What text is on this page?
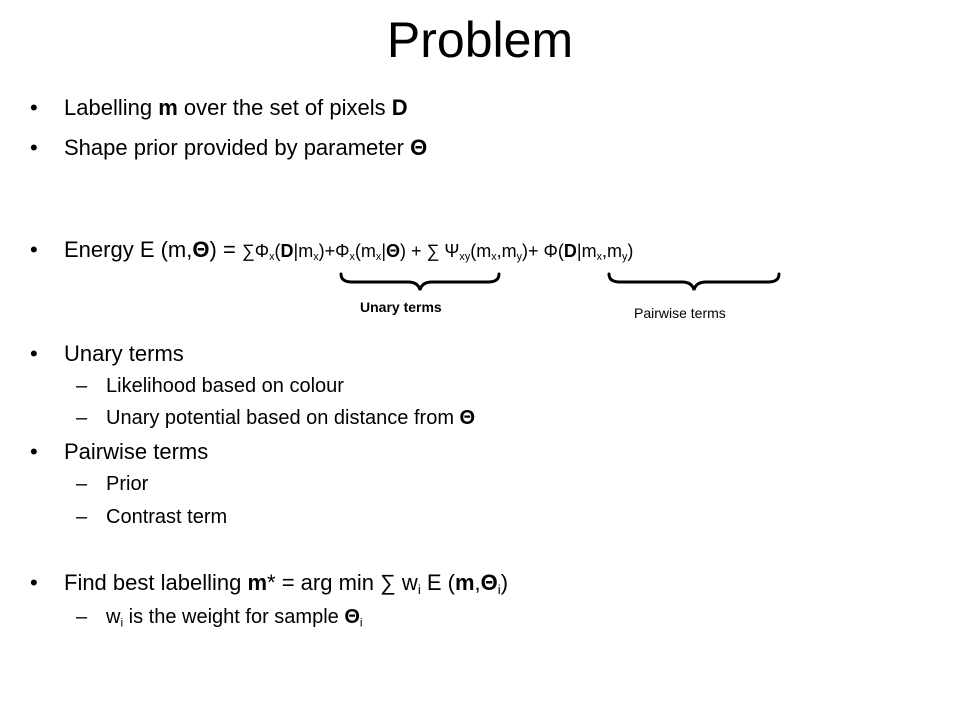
Problem
• Labelling m over the set of pixels D
• Shape prior provided by parameter Θ
• Energy E $(m,\Theta) = \sum\Phi_x(D|m_x)+\Phi_x(m_x|\Theta)$ + ∑ $\Psi_{xy}(m_x,m_y)+ \Phi(D|m_x,m_y)$
Unary terms	Pairwise terms
• Unary terms
– Likelihood based on colour
– Unary potential based on distance from Θ
• Pairwise terms
– Prior
– Contrast term
• Find best labelling m* = arg min ∑ $w_i$ E $(m,\Theta_i)$
– $w_i$ is the weight for sample $\Theta_i$
